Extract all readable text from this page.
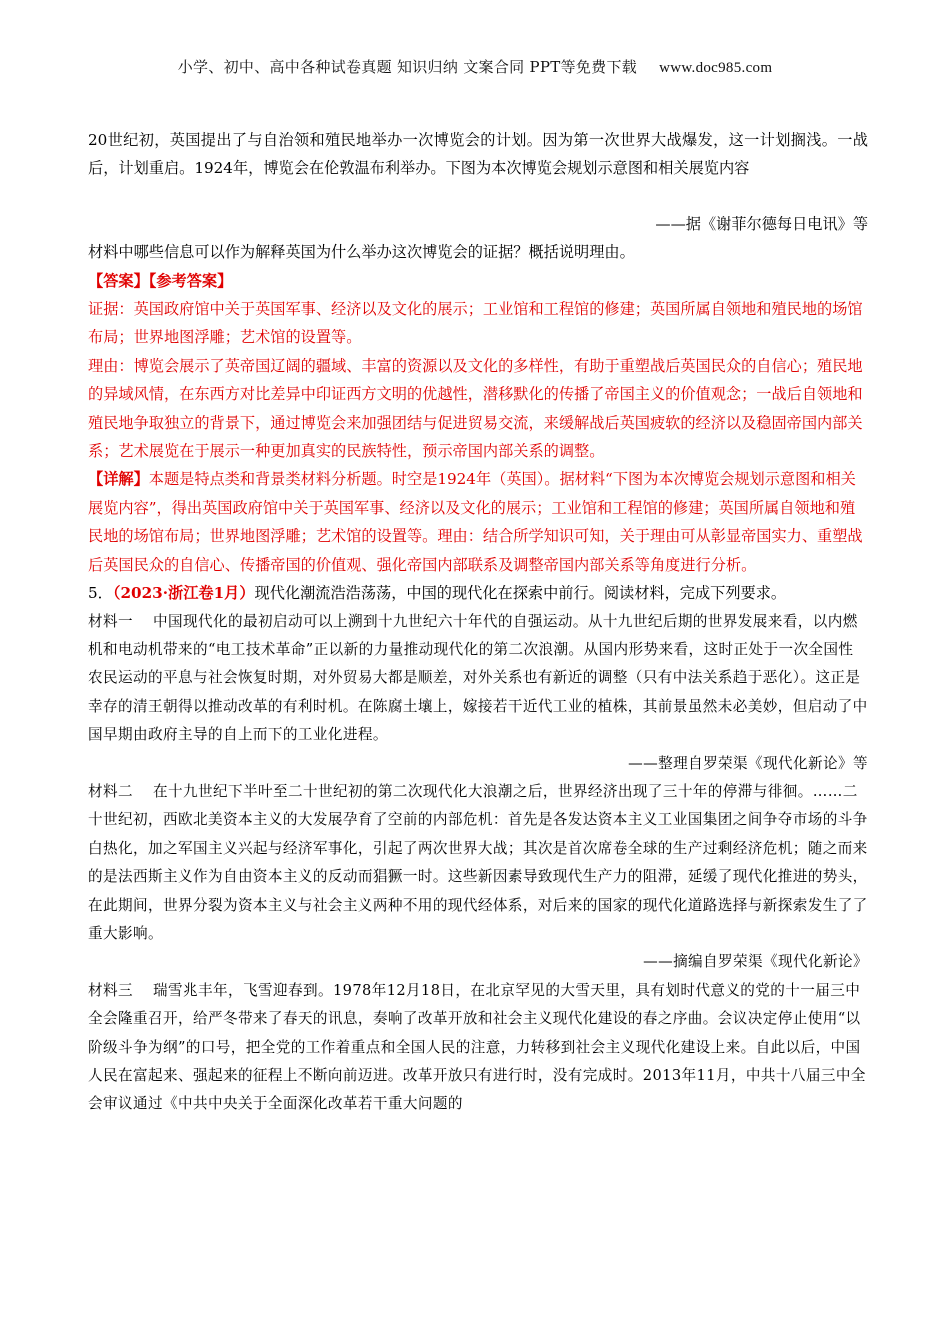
小学、初中、高中各种试卷真题 知识归纳 文案合同 PPT等免费下载 www.doc985.com

20世纪初，英国提出了与自治领和殖民地举办一次博览会的计划。因为第一次世界大战爆发，这一计划搁浅。一战后，计划重启。1924年，博览会在伦敦温布利举办。下图为本次博览会规划示意图和相关展览内容

——据《谢菲尔德每日电讯》等

材料中哪些信息可以作为解释英国为什么举办这次博览会的证据？概括说明理由。

【答案】【参考答案】

证据：英国政府馆中关于英国军事、经济以及文化的展示；工业馆和工程馆的修建；英国所属自领地和殖民地的场馆布局；世界地图浮雕；艺术馆的设置等。

理由：博览会展示了英帝国辽阔的疆域、丰富的资源以及文化的多样性，有助于重塑战后英国民众的自信心；殖民地的异域风情，在东西方对比差异中印证西方文明的优越性，潜移默化的传播了帝国主义的价值观念；一战后自领地和殖民地争取独立的背景下，通过博览会来加强团结与促进贸易交流，来缓解战后英国疲软的经济以及稳固帝国内部关系；艺术展览在于展示一种更加真实的民族特性，预示帝国内部关系的调整。

【详解】本题是特点类和背景类材料分析题。时空是1924年（英国）。据材料“下图为本次博览会规划示意图和相关展览内容”，得出英国政府馆中关于英国军事、经济以及文化的展示；工业馆和工程馆的修建；英国所属自领地和殖民地的场馆布局；世界地图浮雕；艺术馆的设置等。理由：结合所学知识可知，关于理由可从彰显帝国实力、重塑战后英国民众的自信心、传播帝国的价值观、强化帝国内部联系及调整帝国内部关系等角度进行分析。

5．（2023·浙江卷1月）现代化潮流浩浩荡荡，中国的现代化在探索中前行。阅读材料，完成下列要求。

材料一　 中国现代化的最初启动可以上溯到十九世纪六十年代的自强运动。从十九世纪后期的世界发展来看，以内燃机和电动机带来的“电工技术革命”正以新的力量推动现代化的第二次浪潮。从国内形势来看，这时正处于一次全国性农民运动的平息与社会恢复时期，对外贸易大都是顺差，对外关系也有新近的调整（只有中法关系趋于恶化）。这正是幸存的清王朝得以推动改革的有利时机。在陈腐土壤上，嫁接若干近代工业的植株，其前景虽然未必美妙，但启动了中国早期由政府主导的自上而下的工业化进程。

——整理自罗荣渠《现代化新论》等

材料二　 在十九世纪下半叶至二十世纪初的第二次现代化大浪潮之后，世界经济出现了三十年的停滞与徘徊。……二十世纪初，西欧北美资本主义的大发展孕育了空前的内部危机：首先是各发达资本主义工业国集团之间争夺市场的斗争白热化，加之军国主义兴起与经济军事化，引起了两次世界大战；其次是首次席卷全球的生产过剩经济危机；随之而来的是法西斯主义作为自由资本主义的反动而猖獗一时。这些新因素导致现代生产力的阻滞，延缓了现代化推进的势头，在此期间，世界分裂为资本主义与社会主义两种不用的现代经体系，对后来的国家的现代化道路选择与新探索发生了了重大影响。

——摘编自罗荣渠《现代化新论》

材料三　 瑞雪兆丰年，飞雪迎春到。1978年12月18日，在北京罕见的大雪天里，具有划时代意义的党的十一届三中全会隆重召开，给严冬带来了春天的讯息，奏响了改革开放和社会主义现代化建设的春之序曲。会议决定停止使用“以阶级斗争为纲”的口号，把全党的工作着重点和全国人民的注意，力转移到社会主义现代化建设上来。自此以后，中国人民在富起来、强起来的征程上不断向前迈进。改革开放只有进行时，没有完成时。2013年11月，中共十八届三中全会审议通过《中共中央关于全面深化改革若干重大问题的
